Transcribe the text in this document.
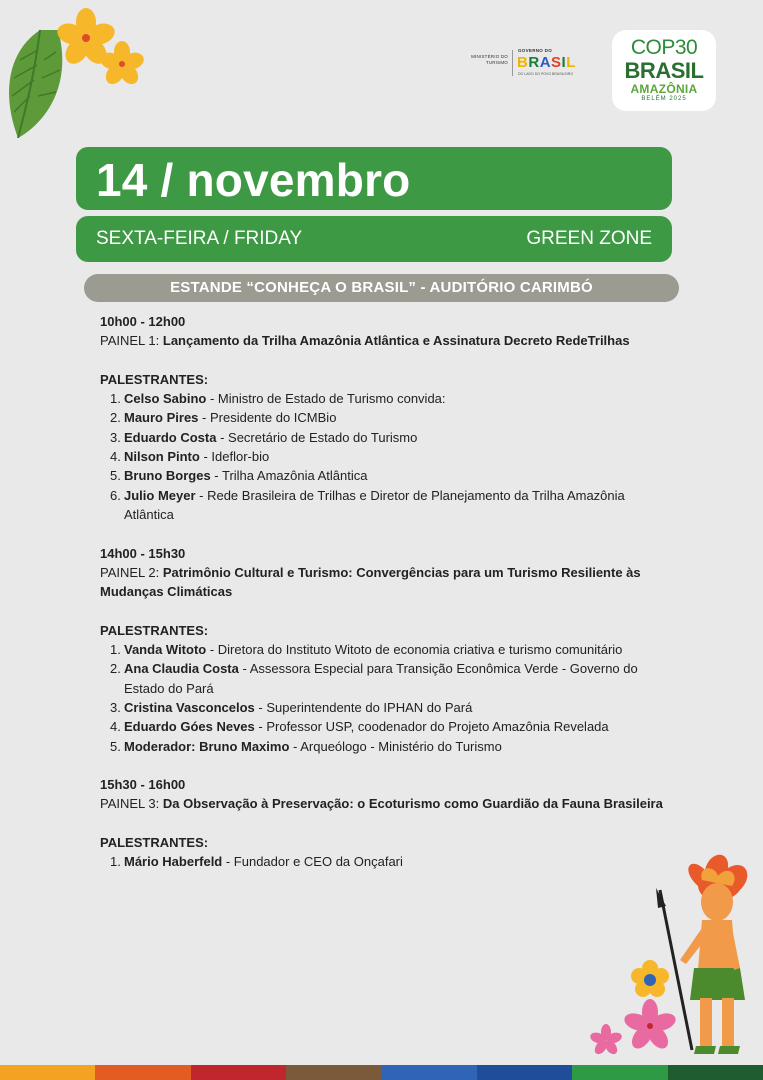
MINISTÉRIO DO TURISMO
GOVERNO DO
BRASIL
DO LADO DO POVO BRASILEIRO
COP30
BRASIL
AMAZÔNIA
BELÉM 2025
14 / novembro
SEXTA-FEIRA / FRIDAY	GREEN ZONE
ESTANDE “CONHEÇA O BRASIL” - AUDITÓRIO CARIMBÓ
10h00 - 12h00
PAINEL 1: Lançamento da Trilha Amazônia Atlântica e Assinatura Decreto RedeTrilhas
PALESTRANTES:
1. Celso Sabino - Ministro de Estado de Turismo convida:
2. Mauro Pires - Presidente do ICMBio
3. Eduardo Costa - Secretário de Estado do Turismo
4. Nilson Pinto - Ideflor-bio
5. Bruno Borges - Trilha Amazônia Atlântica
6. Julio Meyer - Rede Brasileira de Trilhas e Diretor de Planejamento da Trilha Amazônia Atlântica
14h00 - 15h30
PAINEL 2: Patrimônio Cultural e Turismo: Convergências para um Turismo Resiliente às Mudanças Climáticas
PALESTRANTES:
1. Vanda Witoto - Diretora do Instituto Witoto de economia criativa e turismo comunitário
2. Ana Claudia Costa - Assessora Especial para Transição Econômica Verde - Governo do Estado do Pará
3. Cristina Vasconcelos - Superintendente do IPHAN do Pará
4. Eduardo Góes Neves - Professor USP, coodenador do Projeto Amazônia Revelada
5. Moderador: Bruno Maximo - Arqueólogo - Ministério do Turismo
15h30 - 16h00
PAINEL 3: Da Observação à Preservação: o Ecoturismo como Guardião da Fauna Brasileira
PALESTRANTES:
1. Mário Haberfeld - Fundador e CEO da Onçafari
